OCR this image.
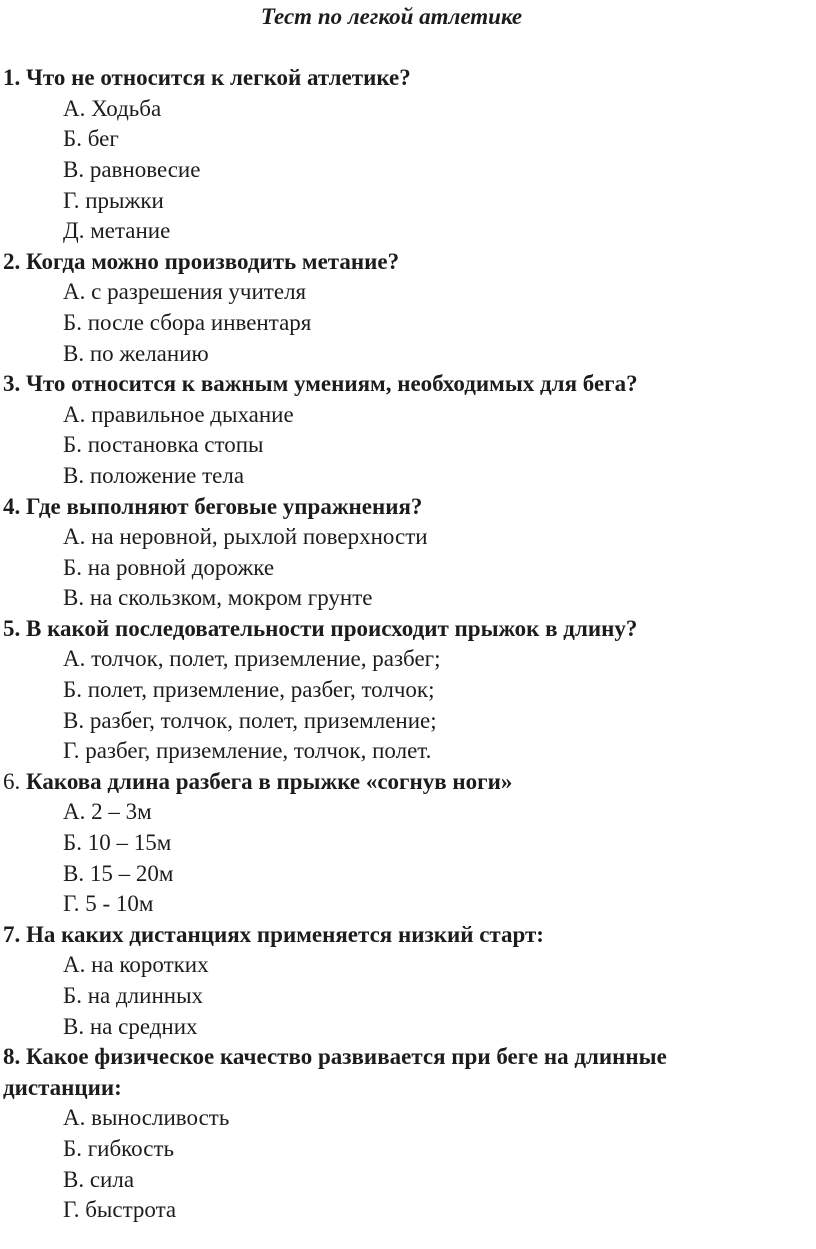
Тест по легкой атлетике

1. Что не относится к легкой атлетике?

А. Ходьба

Б. бег

В. равновесие

Г. прыжки

Д. метание

2. Когда можно производить метание?

А. с разрешения учителя

Б. после сбора инвентаря

В. по желанию

3. Что относится к важным умениям, необходимых для бега?

А. правильное дыхание

Б. постановка стопы

В. положение тела

4. Где выполняют беговые упражнения?

А. на неровной, рыхлой поверхности

Б. на ровной дорожке

В. на скользком, мокром грунте

5. В какой последовательности происходит прыжок в длину?

А. толчок, полет, приземление, разбег;

Б. полет, приземление, разбег, толчок;

В. разбег, толчок, полет, приземление;

Г. разбег, приземление, толчок, полет.

6. Какова длина разбега в прыжке «согнув ноги»

А. 2 – 3м

Б. 10 – 15м

В. 15 – 20м

Г. 5 - 10м

7. На каких дистанциях применяется низкий старт:

А. на коротких

Б. на длинных

В. на средних

8. Какое физическое качество развивается при беге на длинные дистанции:

А. выносливость

Б. гибкость

В. сила

Г. быстрота
